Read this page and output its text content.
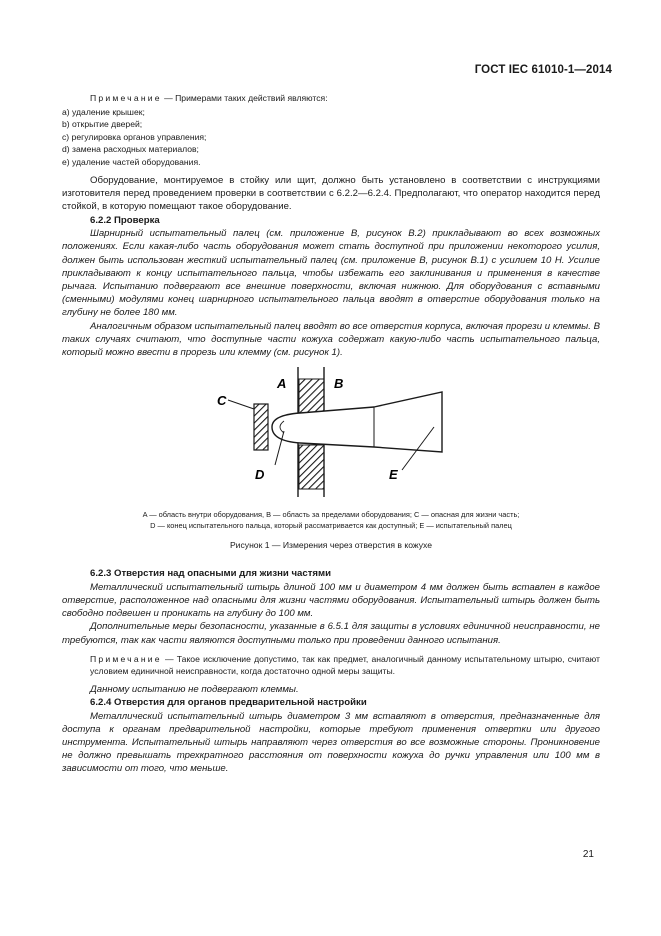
ГОСТ IEC 61010-1—2014

Примечание — Примерами таких действий являются:

a) удаление крышек;
b) открытие дверей;
c) регулировка органов управления;
d) замена расходных материалов;
e) удаление частей оборудования.

Оборудование, монтируемое в стойку или щит, должно быть установлено в соответствии с инструкциями изготовителя перед проведением проверки в соответствии с 6.2.2—6.2.4. Предполагают, что оператор находится перед стойкой, в которую помещают такое оборудование.

6.2.2 Проверка

Шарнирный испытательный палец (см. приложение В, рисунок В.2) прикладывают во всех возможных положениях. Если какая-либо часть оборудования может стать доступной при приложении некоторого усилия, должен быть использован жесткий испытательный палец (см. приложение В, рисунок В.1) с усилием 10 Н. Усилие прикладывают к концу испытательного пальца, чтобы избежать его заклинивания и применения в качестве рычага. Испытанию подвергают все внешние поверхности, включая нижнюю. Для оборудования с вставными (сменными) модулями конец шарнирного испытательного пальца вводят в отверстие оборудования только на глубину не более 180 мм.

Аналогичным образом испытательный палец вводят во все отверстия корпуса, включая прорези и клеммы. В таких случаях считают, что доступные части кожуха содержат какую-либо часть испытательного пальца, который можно ввести в прорезь или клемму (см. рисунок 1).

A	B
C
D	E
A — область внутри оборудования, B — область за пределами оборудования; C — опасная для жизни часть;
D — конец испытательного пальца, который рассматривается как доступный; E — испытательный палец
Рисунок 1 — Измерения через отверстия в кожухе
6.2.3 Отверстия над опасными для жизни частями

Металлический испытательный штырь длиной 100 мм и диаметром 4 мм должен быть вставлен в каждое отверстие, расположенное над опасными для жизни частями оборудования. Испытательный штырь должен быть свободно подвешен и проникать на глубину до 100 мм.

Дополнительные меры безопасности, указанные в 6.5.1 для защиты в условиях единичной неисправности, не требуются, так как части являются доступными только при проведении данного испытания.

Примечание — Такое исключение допустимо, так как предмет, аналогичный данному испытательному штырю, считают условием единичной неисправности, когда достаточно одной меры защиты.

Данному испытанию не подвергают клеммы.

6.2.4 Отверстия для органов предварительной настройки

Металлический испытательный штырь диаметром 3 мм вставляют в отверстия, предназначенные для доступа к органам предварительной настройки, которые требуют применения отвертки или другого инструмента. Испытательный штырь направляют через отверстия во все возможные стороны. Проникновение не должно превышать трехкратного расстояния от поверхности кожуха до ручки управления или 100 мм в зависимости от того, что меньше.

21
